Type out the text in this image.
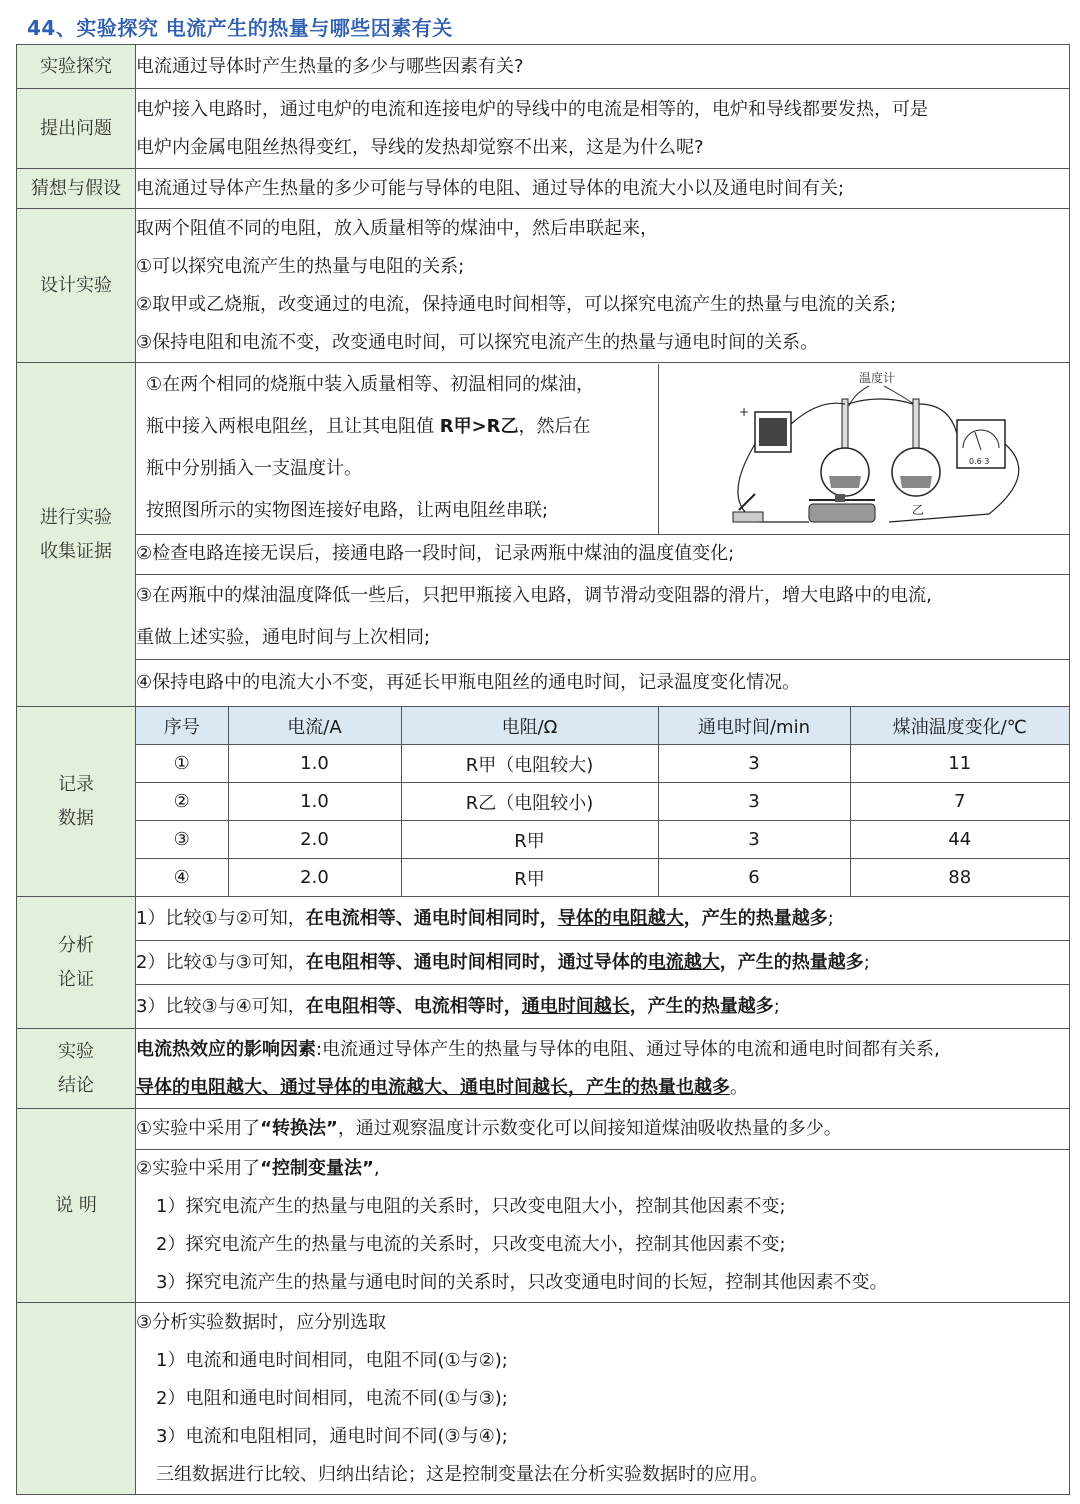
44、实验探究 电流产生的热量与哪些因素有关
实验探究	电流通过导体时产生热量的多少与哪些因素有关?

提出问题	
电炉接入电路时，通过电炉的电流和连接电炉的导线中的电流是相等的，电炉和导线都要发热，可是
电炉内金属电阻丝热得变红，导线的发热却觉察不出来，这是为什么呢?

猜想与假设	电流通过导体产生热量的多少可能与导体的电阻、通过导体的电流大小以及通电时间有关;

设计实验	
取两个阻值不同的电阻，放入质量相等的煤油中，然后串联起来，
①可以探究电流产生的热量与电阻的关系;
②取甲或乙烧瓶，改变通过的电流，保持通电时间相等，可以探究电流产生的热量与电流的关系;
③保持电阻和电流不变，改变通电时间，可以探究电流产生的热量与通电时间的关系。

进行实验
收集证据

①在两个相同的烧瓶中装入质量相等、初温相同的煤油，
瓶中接入两根电阻丝，且让其电阻值 R甲>R乙，然后在
瓶中分别插入一支温度计。
按照图所示的实物图连接好电路，让两电阻丝串联;
温度计
+
乙
0.6 3
②检查电路连接无误后，接通电路一段时间，记录两瓶中煤油的温度值变化;
③在两瓶中的煤油温度降低一些后，只把甲瓶接入电路，调节滑动变阻器的滑片，增大电路中的电流,
重做上述实验，通电时间与上次相同;
④保持电路中的电流大小不变，再延长甲瓶电阻丝的通电时间，记录温度变化情况。

记录
数据

序号	电流/A	电阻/Ω	通电时间/min	煤油温度变化/℃
①	1.0	R甲（电阻较大)	3	11
②	1.0	R乙（电阻较小)	3	7
③	2.0	R甲	3	44
④	2.0	R甲	6	88

分析
论证

1）比较①与②可知，在电流相等、通电时间相同时，导体的电阻越大，产生的热量越多;
2）比较①与③可知，在电阻相等、通电时间相同时，通过导体的电流越大，产生的热量越多;
3）比较③与④可知，在电阻相等、电流相等时，通电时间越长，产生的热量越多;

实验
结论

电流热效应的影响因素:电流通过导体产生的热量与导体的电阻、通过导体的电流和通电时间都有关系,
导体的电阻越大、通过导体的电流越大、通电时间越长，产生的热量也越多。

说 明	
①实验中采用了“转换法”，通过观察温度计示数变化可以间接知道煤油吸收热量的多少。
②实验中采用了“控制变量法”,
1）探究电流产生的热量与电阻的关系时，只改变电阻大小，控制其他因素不变;
2）探究电流产生的热量与电流的关系时，只改变电流大小，控制其他因素不变;
3）探究电流产生的热量与通电时间的关系时，只改变通电时间的长短，控制其他因素不变。

③分析实验数据时，应分别选取
1）电流和通电时间相同，电阻不同(①与②);
2）电阻和通电时间相同，电流不同(①与③);
3）电流和电阻相同，通电时间不同(③与④);
三组数据进行比较、归纳出结论；这是控制变量法在分析实验数据时的应用。
